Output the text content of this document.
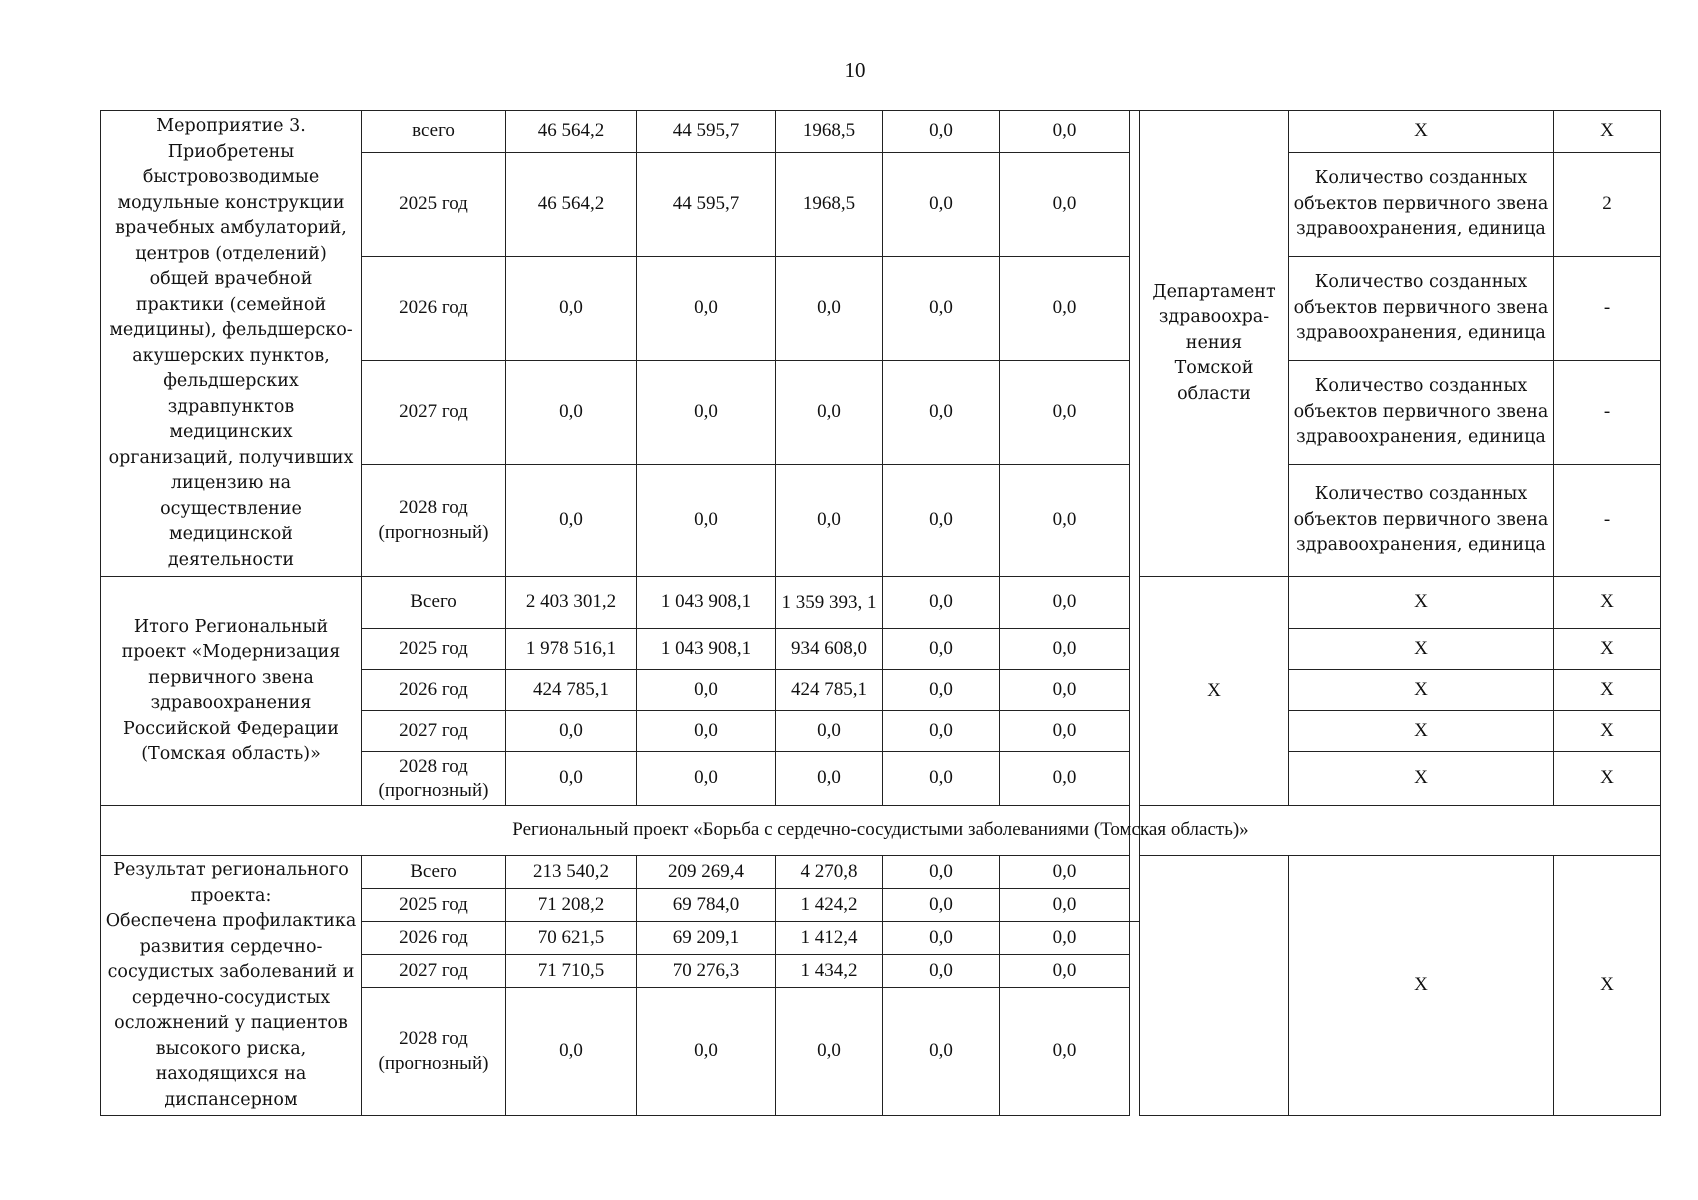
10
Мероприятие 3.
Приобретены быстровозводимые модульные конструкции врачебных амбулаторий, центров (отделений) общей врачебной практики (семейной медицины), фельдшерско-акушерских пунктов, фельдшерских здравпунктов медицинских организаций, получивших лицензию на осуществление медицинской деятельности	всего	46 564,2	44 595,7	1968,5	0,0	0,0		Департамент здравоохра-нения Томской области	X	X	
	2025 год	46 564,2	44 595,7	1968,5	0,0	0,0			Количество созданных объектов первичного звена здравоохранения, единица	2	
	2026 год	0,0	0,0	0,0	0,0	0,0			Количество созданных объектов первичного звена здравоохранения, единица	-	
	2027 год	0,0	0,0	0,0	0,0	0,0			Количество созданных объектов первичного звена здравоохранения, единица	-	
	2028 год (прогнозный)	0,0	0,0	0,0	0,0	0,0			Количество созданных объектов первичного звена здравоохранения, единица	-	
Итого Региональный проект «Модернизация первичного звена здравоохранения Российской Федерации (Томская область)»	Всего	2 403 301,2	1 043 908,1	1 359 393, 1	0,0	0,0		X	X	X	
	2025 год	1 978 516,1	1 043 908,1	934 608,0	0,0	0,0			X	X	
	2026 год	424 785,1	0,0	424 785,1	0,0	0,0			X	X	
	2027 год	0,0	0,0	0,0	0,0	0,0			X	X	
	2028 год (прогнозный)	0,0	0,0	0,0	0,0	0,0			X	X	
Региональный проект «Борьба с сердечно-сосудистыми заболеваниями (Томская область)»											
Результат регионального проекта:
Обеспечена профилактика развития сердечно-сосудистых заболеваний и сердечно-сосудистых осложнений у пациентов высокого риска, находящихся на диспансерном	Всего	213 540,2	209 269,4	4 270,8	0,0	0,0			X	X	
	2025 год	71 208,2	69 784,0	1 424,2	0,0	0,0					
	2026 год	70 621,5	69 209,1	1 412,4	0,0	0,0					
	2027 год	71 710,5	70 276,3	1 434,2	0,0	0,0					
	2028 год (прогнозный)	0,0	0,0	0,0	0,0	0,0					
